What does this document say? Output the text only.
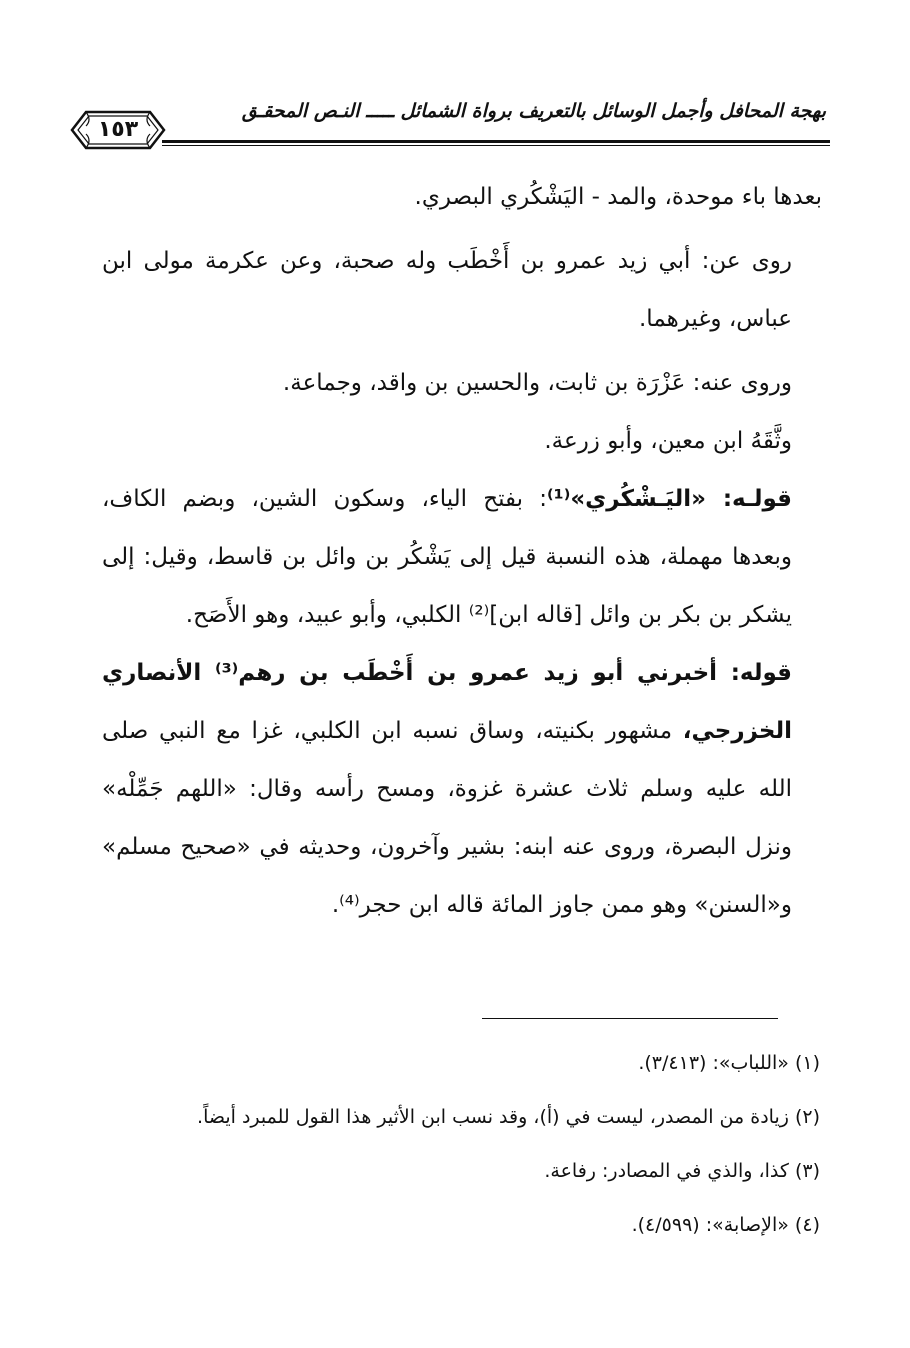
بهجة المحافل وأجمل الوسائل بالتعريف برواة الشمائل ـــــ النـص المحقـق
١٥٣

بعدها باء موحدة، والمد - اليَشْكُري البصري.

روى عن: أبي زيد عمرو بن أَخْطَب وله صحبة، وعن عكرمة مولى ابن عباس، وغيرهما.

وروى عنه: عَزْرَة بن ثابت، والحسين بن واقد، وجماعة.

وثَّقَهُ ابن معين، وأبو زرعة.

قولـه: «اليَـشْكُري»⁽¹⁾: بفتح الياء، وسكون الشين، وبضم الكاف، وبعدها مهملة، هذه النسبة قيل إلى يَشْكُر بن وائل بن قاسط، وقيل: إلى يشكر بن بكر بن وائل [قاله ابن]⁽²⁾ الكلبي، وأبو عبيد، وهو الأَصَح.

قوله: أخبرني أبو زيد عمرو بن أَخْطَب بن رهم⁽³⁾ الأنصاري الخزرجي، مشهور بكنيته، وساق نسبه ابن الكلبي، غزا مع النبي صلى الله عليه وسلم ثلاث عشرة غزوة، ومسح رأسه وقال: «اللهم جَمِّلْه» ونزل البصرة، وروى عنه ابنه: بشير وآخرون، وحديثه في «صحيح مسلم» و«السنن» وهو ممن جاوز المائة قاله ابن حجر⁽⁴⁾.

(١) «اللباب»: (٣/٤١٣).

(٢) زيادة من المصدر، ليست في (أ)، وقد نسب ابن الأثير هذا القول للمبرد أيضاً.

(٣) كذا، والذي في المصادر: رفاعة.

(٤) «الإصابة»: (٤/٥٩٩).
